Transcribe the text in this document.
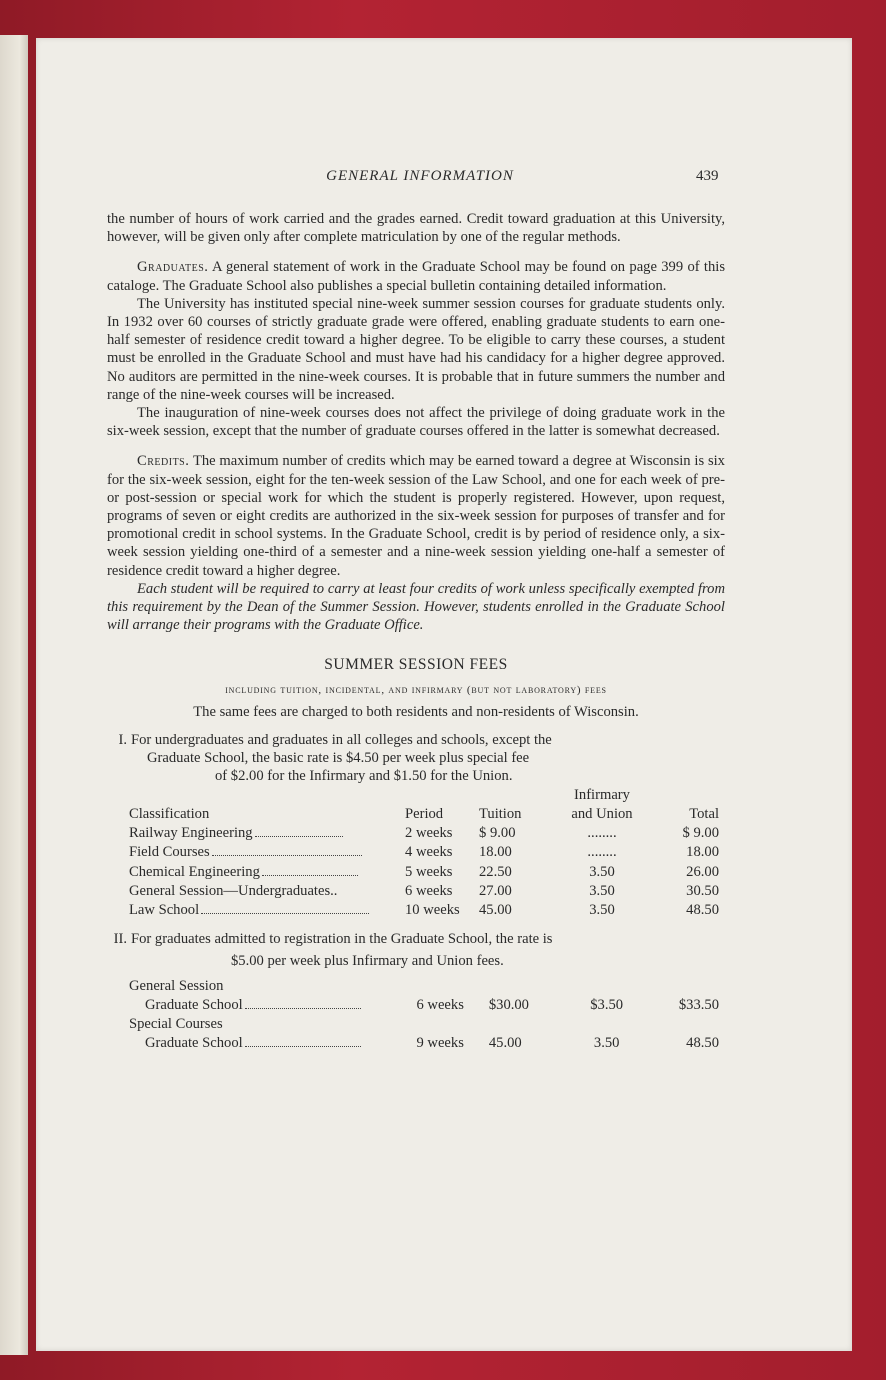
GENERAL INFORMATION	439

the number of hours of work carried and the grades earned. Credit toward graduation at this University, however, will be given only after complete matriculation by one of the regular methods.

Graduates. A general statement of work in the Graduate School may be found on page 399 of this cataloge. The Graduate School also publishes a special bulletin containing detailed information.

The University has instituted special nine-week summer session courses for graduate students only. In 1932 over 60 courses of strictly graduate grade were offered, enabling graduate students to earn one-half semester of residence credit toward a higher degree. To be eligible to carry these courses, a student must be enrolled in the Graduate School and must have had his candidacy for a higher degree approved. No auditors are permitted in the nine-week courses. It is probable that in future summers the number and range of the nine-week courses will be increased.

The inauguration of nine-week courses does not affect the privilege of doing graduate work in the six-week session, except that the number of graduate courses offered in the latter is somewhat decreased.

Credits. The maximum number of credits which may be earned toward a degree at Wisconsin is six for the six-week session, eight for the ten-week session of the Law School, and one for each week of pre- or post-session or special work for which the student is properly registered. However, upon request, programs of seven or eight credits are authorized in the six-week session for purposes of transfer and for promotional credit in school systems. In the Graduate School, credit is by period of residence only, a six-week session yielding one-third of a semester and a nine-week session yielding one-half a semester of residence credit toward a higher degree.

Each student will be required to carry at least four credits of work unless specifically exempted from this requirement by the Dean of the Summer Session. However, students enrolled in the Graduate School will arrange their programs with the Graduate Office.

SUMMER SESSION FEES

including tuition, incidental, and infirmary (but not laboratory) fees

The same fees are charged to both residents and non-residents of Wisconsin.

I. For undergraduates and graduates in all colleges and schools, except the
Graduate School, the basic rate is $4.50 per week plus special fee
of $2.00 for the Infirmary and $1.50 for the Union.

			Infirmary	
Classification	Period	Tuition	and Union	Total
Railway Engineering	2 weeks	$ 9.00	........	$ 9.00
Field Courses	4 weeks	18.00	........	18.00
Chemical Engineering	5 weeks	22.50	3.50	26.00
General Session—Undergraduates..	6 weeks	27.00	3.50	30.50
Law School	10 weeks	45.00	3.50	48.50

II. For graduates admitted to registration in the Graduate School, the rate is
$5.00 per week plus Infirmary and Union fees.

General Session				
Graduate School	6 weeks	$30.00	$3.50	$33.50
Special Courses				
Graduate School	9 weeks	45.00	3.50	48.50
